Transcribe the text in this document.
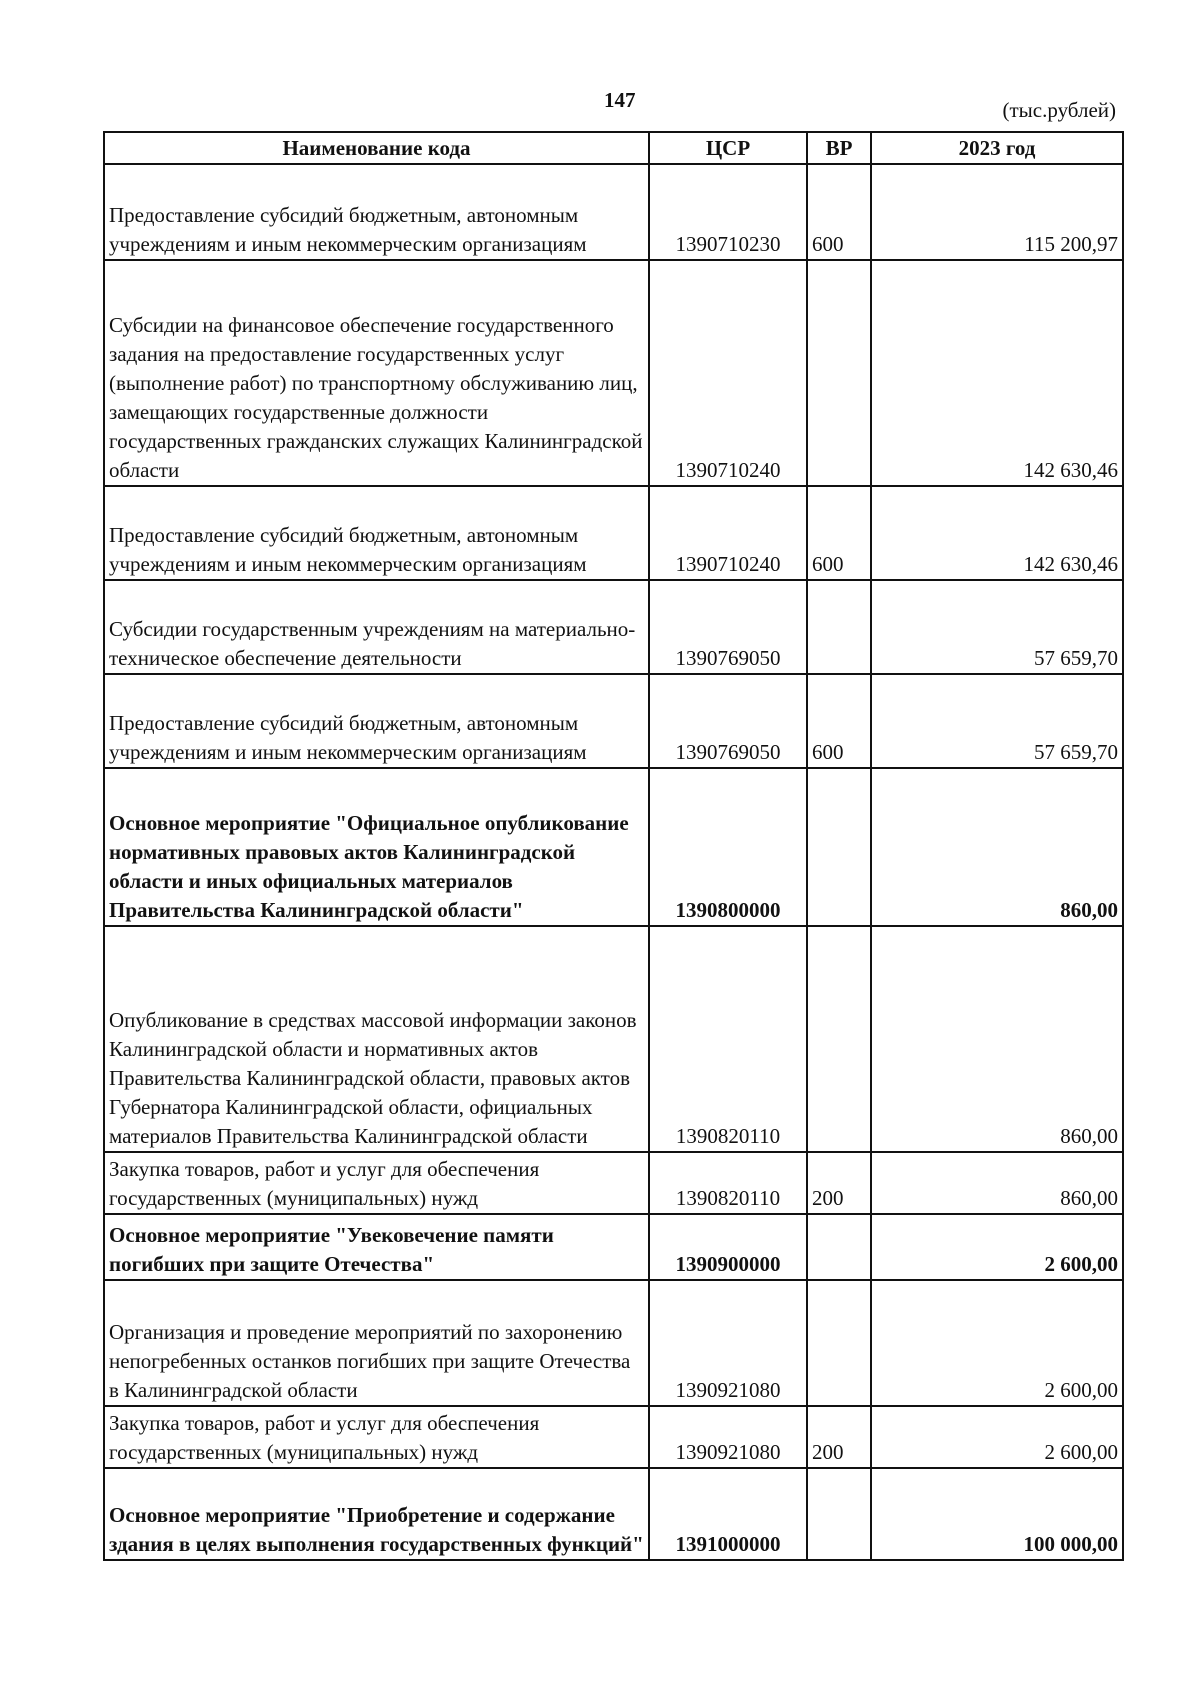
147	(тыс.рублей)
Наименование кода	ЦСР	ВР	2023 год
Предоставление субсидий бюджетным, автономным учреждениям и иным некоммерческим организациям	1390710230	600	115 200,97
Субсидии на финансовое обеспечение государственного задания на предоставление государственных услуг (выполнение работ) по транспортному обслуживанию лиц, замещающих государственные должности государственных гражданских служащих Калининградской области	1390710240		142 630,46
Предоставление субсидий бюджетным, автономным учреждениям и иным некоммерческим организациям	1390710240	600	142 630,46
Субсидии государственным учреждениям на материально-техническое обеспечение деятельности	1390769050		57 659,70
Предоставление субсидий бюджетным, автономным учреждениям и иным некоммерческим организациям	1390769050	600	57 659,70
Основное мероприятие "Официальное опубликование нормативных правовых актов Калининградской области и иных официальных материалов Правительства Калининградской области"	1390800000		860,00
Опубликование в средствах массовой информации законов Калининградской области и нормативных актов Правительства Калининградской области, правовых актов Губернатора Калининградской области, официальных материалов Правительства Калининградской области	1390820110		860,00
Закупка товаров, работ и услуг для обеспечения государственных (муниципальных) нужд	1390820110	200	860,00
Основное мероприятие "Увековечение памяти погибших при защите Отечества"	1390900000		2 600,00
Организация и проведение мероприятий по захоронению непогребенных останков погибших при защите Отечества в Калининградской области	1390921080		2 600,00
Закупка товаров, работ и услуг для обеспечения государственных (муниципальных) нужд	1390921080	200	2 600,00
Основное мероприятие "Приобретение и содержание здания в целях выполнения государственных функций"	1391000000		100 000,00
